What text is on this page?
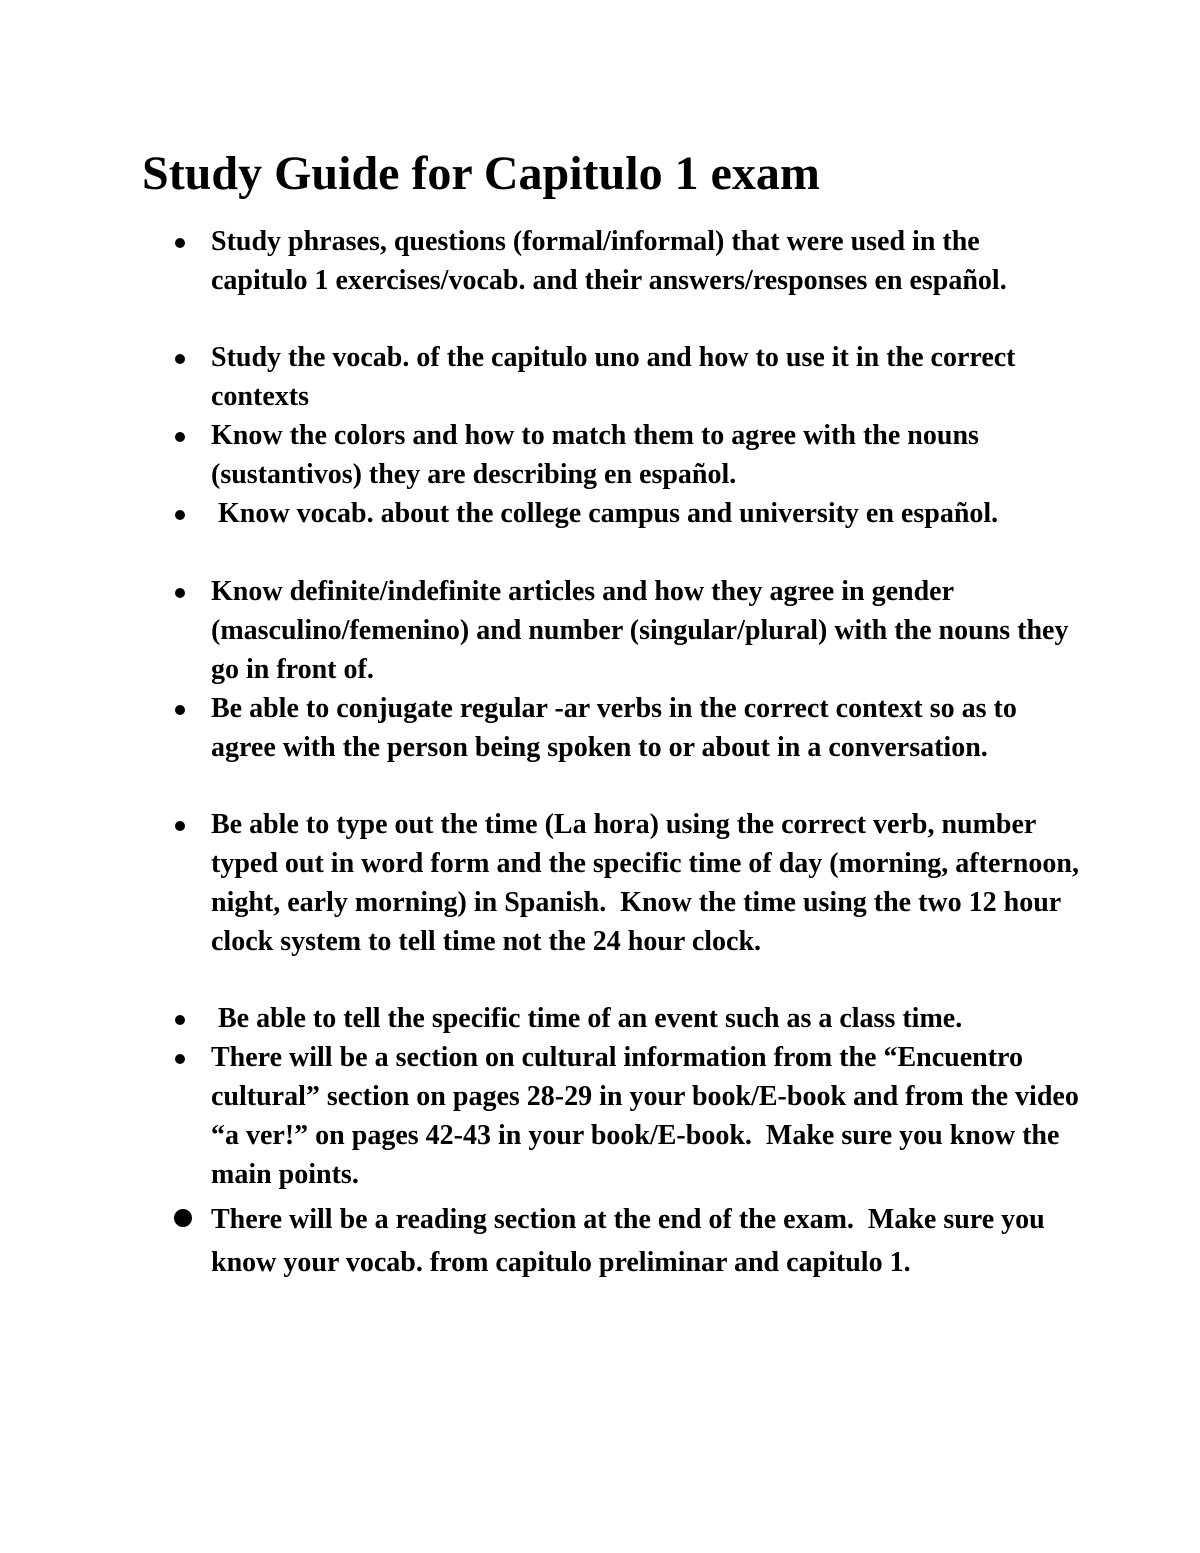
Study Guide for Capitulo 1 exam
Study phrases, questions (formal/informal) that were used in the capitulo 1 exercises/vocab. and their answers/responses en español.
Study the vocab. of the capitulo uno and how to use it in the correct contexts
Know the colors and how to match them to agree with the nouns (sustantivos) they are describing en español.
Know vocab. about the college campus and university en español.
Know definite/indefinite articles and how they agree in gender (masculino/femenino) and number (singular/plural) with the nouns they go in front of.
Be able to conjugate regular -ar verbs in the correct context so as to agree with the person being spoken to or about in a conversation.
Be able to type out the time (La hora) using the correct verb, number typed out in word form and the specific time of day (morning, afternoon, night, early morning) in Spanish.  Know the time using the two 12 hour clock system to tell time not the 24 hour clock.
Be able to tell the specific time of an event such as a class time.
There will be a section on cultural information from the “Encuentro cultural” section on pages 28-29 in your book/E-book and from the video “a ver!” on pages 42-43 in your book/E-book.  Make sure you know the main points.
There will be a reading section at the end of the exam.  Make sure you know your vocab. from capitulo preliminar and capitulo 1.
